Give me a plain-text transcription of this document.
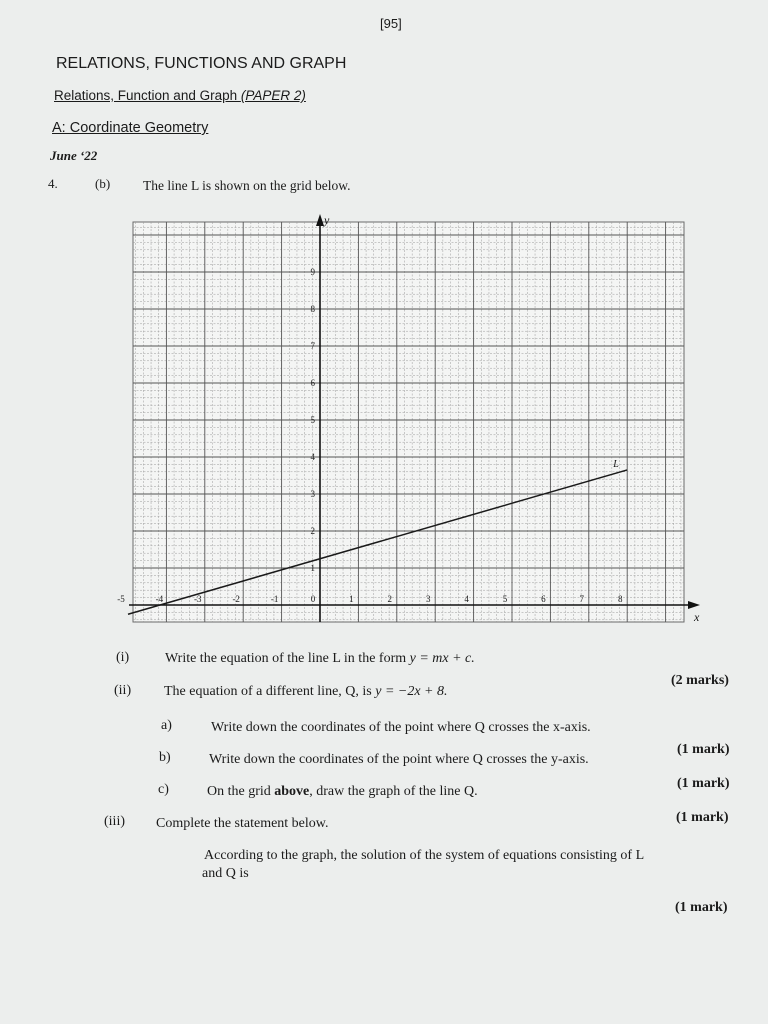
[95]
RELATIONS, FUNCTIONS AND GRAPH
Relations, Function and Graph (PAPER 2)
A: Coordinate Geometry
June ‘22
4.	(b) The line L is shown on the grid below.
x
y
-5	-4	-3	-2	-1	0	1	2	3	4	5	6	7	8
1
2
3
4
5
6
7
8
9
L
(i)	Write the equation of the line L in the form y = mx + c.
(2 marks)
(ii) The equation of a different line, Q, is y = −2x + 8.
a)	Write down the coordinates of the point where Q crosses the x-axis.
(1 mark)
b)	Write down the coordinates of the point where Q crosses the y-axis.
(1 mark)
c)	On the grid above, draw the graph of the line Q.
(1 mark)
(iii) Complete the statement below.
According to the graph, the solution of the system of equations consisting of L
and Q is
(1 mark)
